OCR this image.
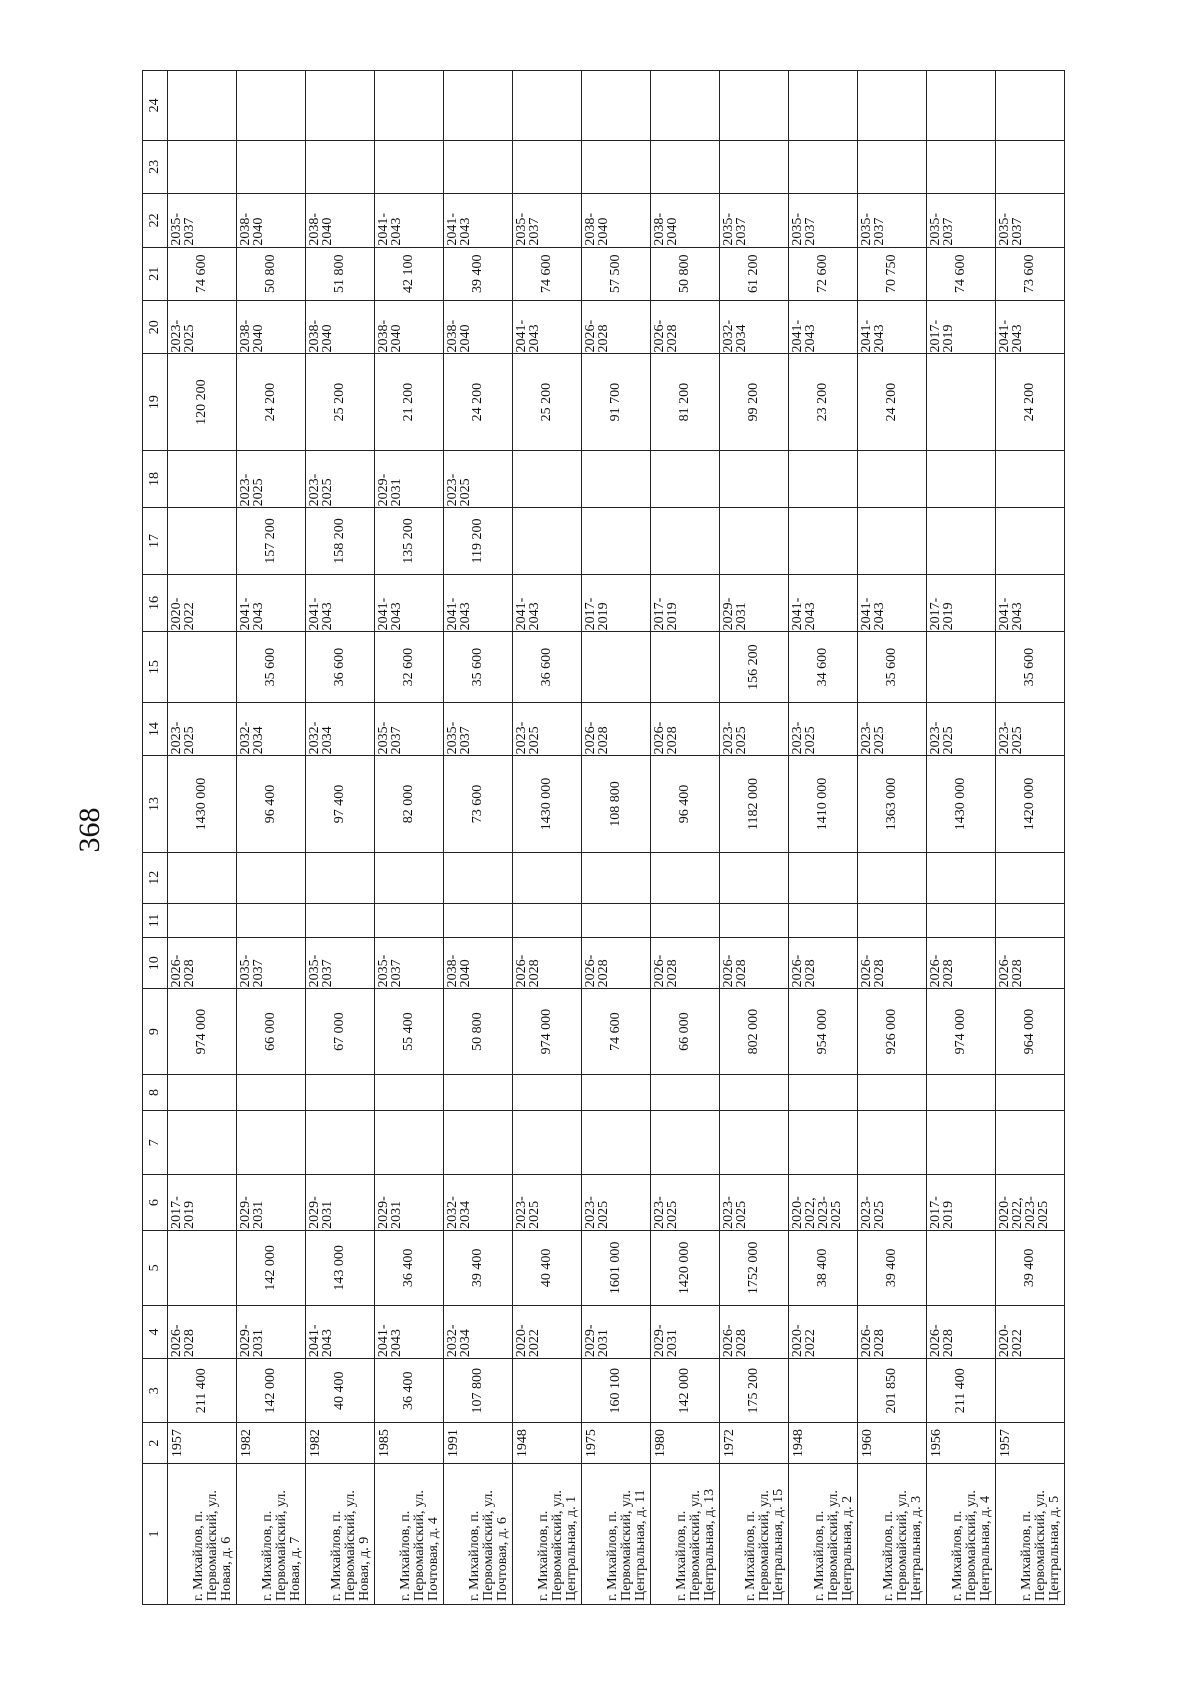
368
1	2	3	4	5	6	7	8	9	10	11	12	13	14	15	16	17	18	19	20	21	22	23	24
г. Михайлов, п. Первомайский, ул. Новая, д. 6	1957	211 400	2026-2028		2017-2019			974 000	2026-2028			1430 000	2023-2025		2020-2022			120 200	2023-2025	74 600	2035-2037		
г. Михайлов, п. Первомайский, ул. Новая, д. 7	1982	142 000	2029-2031	142 000	2029-2031			66 000	2035-2037			96 400	2032-2034	35 600	2041-2043	157 200	2023-2025	24 200	2038-2040	50 800	2038-2040		
г. Михайлов, п. Первомайский, ул. Новая, д. 9	1982	40 400	2041-2043	143 000	2029-2031			67 000	2035-2037			97 400	2032-2034	36 600	2041-2043	158 200	2023-2025	25 200	2038-2040	51 800	2038-2040		
г. Михайлов, п. Первомайский, ул. Почтовая, д. 4	1985	36 400	2041-2043	36 400	2029-2031			55 400	2035-2037			82 000	2035-2037	32 600	2041-2043	135 200	2029-2031	21 200	2038-2040	42 100	2041-2043		
г. Михайлов, п. Первомайский, ул. Почтовая, д. 6	1991	107 800	2032-2034	39 400	2032-2034			50 800	2038-2040			73 600	2035-2037	35 600	2041-2043	119 200	2023-2025	24 200	2038-2040	39 400	2041-2043		
г. Михайлов, п. Первомайский, ул. Центральная, д. 1	1948		2020-2022	40 400	2023-2025			974 000	2026-2028			1430 000	2023-2025	36 600	2041-2043			25 200	2041-2043	74 600	2035-2037		
г. Михайлов, п. Первомайский, ул. Центральная, д. 11	1975	160 100	2029-2031	1601 000	2023-2025			74 600	2026-2028			108 800	2026-2028		2017-2019			91 700	2026-2028	57 500	2038-2040		
г. Михайлов, п. Первомайский, ул. Центральная, д. 13	1980	142 000	2029-2031	1420 000	2023-2025			66 000	2026-2028			96 400	2026-2028		2017-2019			81 200	2026-2028	50 800	2038-2040		
г. Михайлов, п. Первомайский, ул. Центральная, д. 15	1972	175 200	2026-2028	1752 000	2023-2025			802 000	2026-2028			1182 000	2023-2025	156 200	2029-2031			99 200	2032-2034	61 200	2035-2037		
г. Михайлов, п. Первомайский, ул. Центральная, д. 2	1948		2020-2022	38 400	2020-2022, 2023-2025			954 000	2026-2028			1410 000	2023-2025	34 600	2041-2043			23 200	2041-2043	72 600	2035-2037		
г. Михайлов, п. Первомайский, ул. Центральная, д. 3	1960	201 850	2026-2028	39 400	2023-2025			926 000	2026-2028			1363 000	2023-2025	35 600	2041-2043			24 200	2041-2043	70 750	2035-2037		
г. Михайлов, п. Первомайский, ул. Центральная, д. 4	1956	211 400	2026-2028		2017-2019			974 000	2026-2028			1430 000	2023-2025		2017-2019				2017-2019	74 600	2035-2037		
г. Михайлов, п. Первомайский, ул. Центральная, д. 5	1957		2020-2022	39 400	2020-2022, 2023-2025			964 000	2026-2028			1420 000	2023-2025	35 600	2041-2043			24 200	2041-2043	73 600	2035-2037		
